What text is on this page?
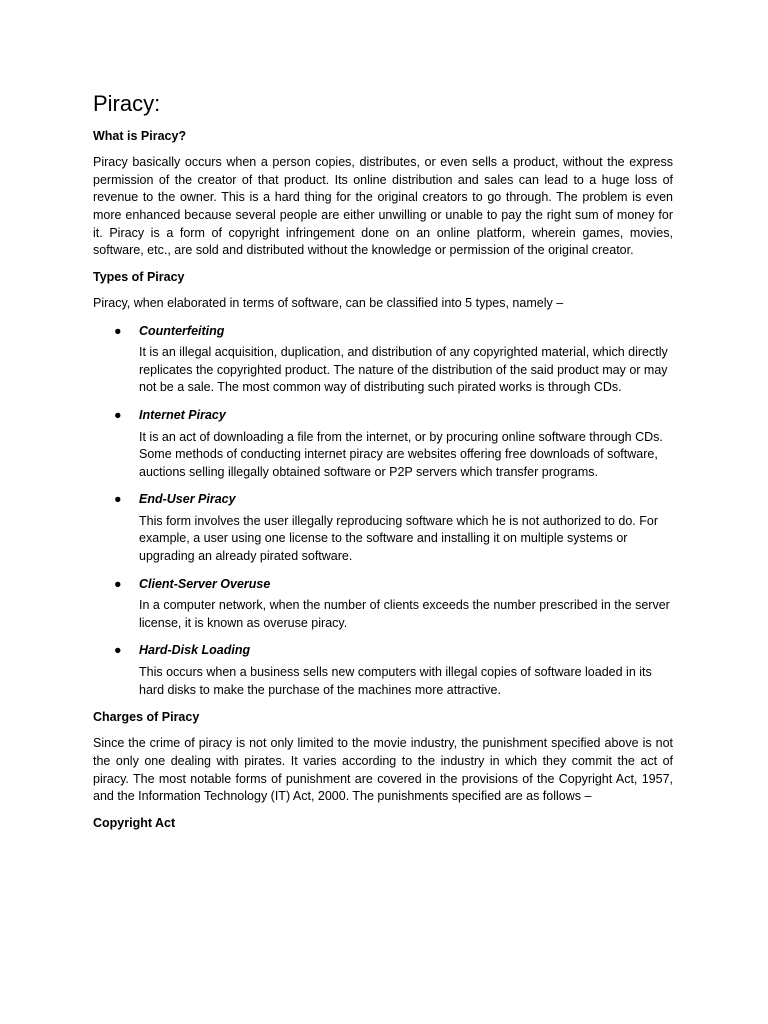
Piracy:
What is Piracy?

Piracy basically occurs when a person copies, distributes, or even sells a product, without the express permission of the creator of that product. Its online distribution and sales can lead to a huge loss of revenue to the owner. This is a hard thing for the original creators to go through. The problem is even more enhanced because several people are either unwilling or unable to pay the right sum of money for it. Piracy is a form of copyright infringement done on an online platform, wherein games, movies, software, etc., are sold and distributed without the knowledge or permission of the original creator.

Types of Piracy

Piracy, when elaborated in terms of software, can be classified into 5 types, namely –

● Counterfeiting

It is an illegal acquisition, duplication, and distribution of any copyrighted material, which directly replicates the copyrighted product. The nature of the distribution of the said product may or may not be a sale. The most common way of distributing such pirated works is through CDs.

● Internet Piracy

It is an act of downloading a file from the internet, or by procuring online software through CDs. Some methods of conducting internet piracy are websites offering free downloads of software, auctions selling illegally obtained software or P2P servers which transfer programs.

● End-User Piracy

This form involves the user illegally reproducing software which he is not authorized to do. For example, a user using one license to the software and installing it on multiple systems or upgrading an already pirated software.

● Client-Server Overuse

In a computer network, when the number of clients exceeds the number prescribed in the server license, it is known as overuse piracy.

● Hard-Disk Loading

This occurs when a business sells new computers with illegal copies of software loaded in its hard disks to make the purchase of the machines more attractive.

Charges of Piracy

Since the crime of piracy is not only limited to the movie industry, the punishment specified above is not the only one dealing with pirates. It varies according to the industry in which they commit the act of piracy. The most notable forms of punishment are covered in the provisions of the Copyright Act, 1957, and the Information Technology (IT) Act, 2000. The punishments specified are as follows –

Copyright Act
